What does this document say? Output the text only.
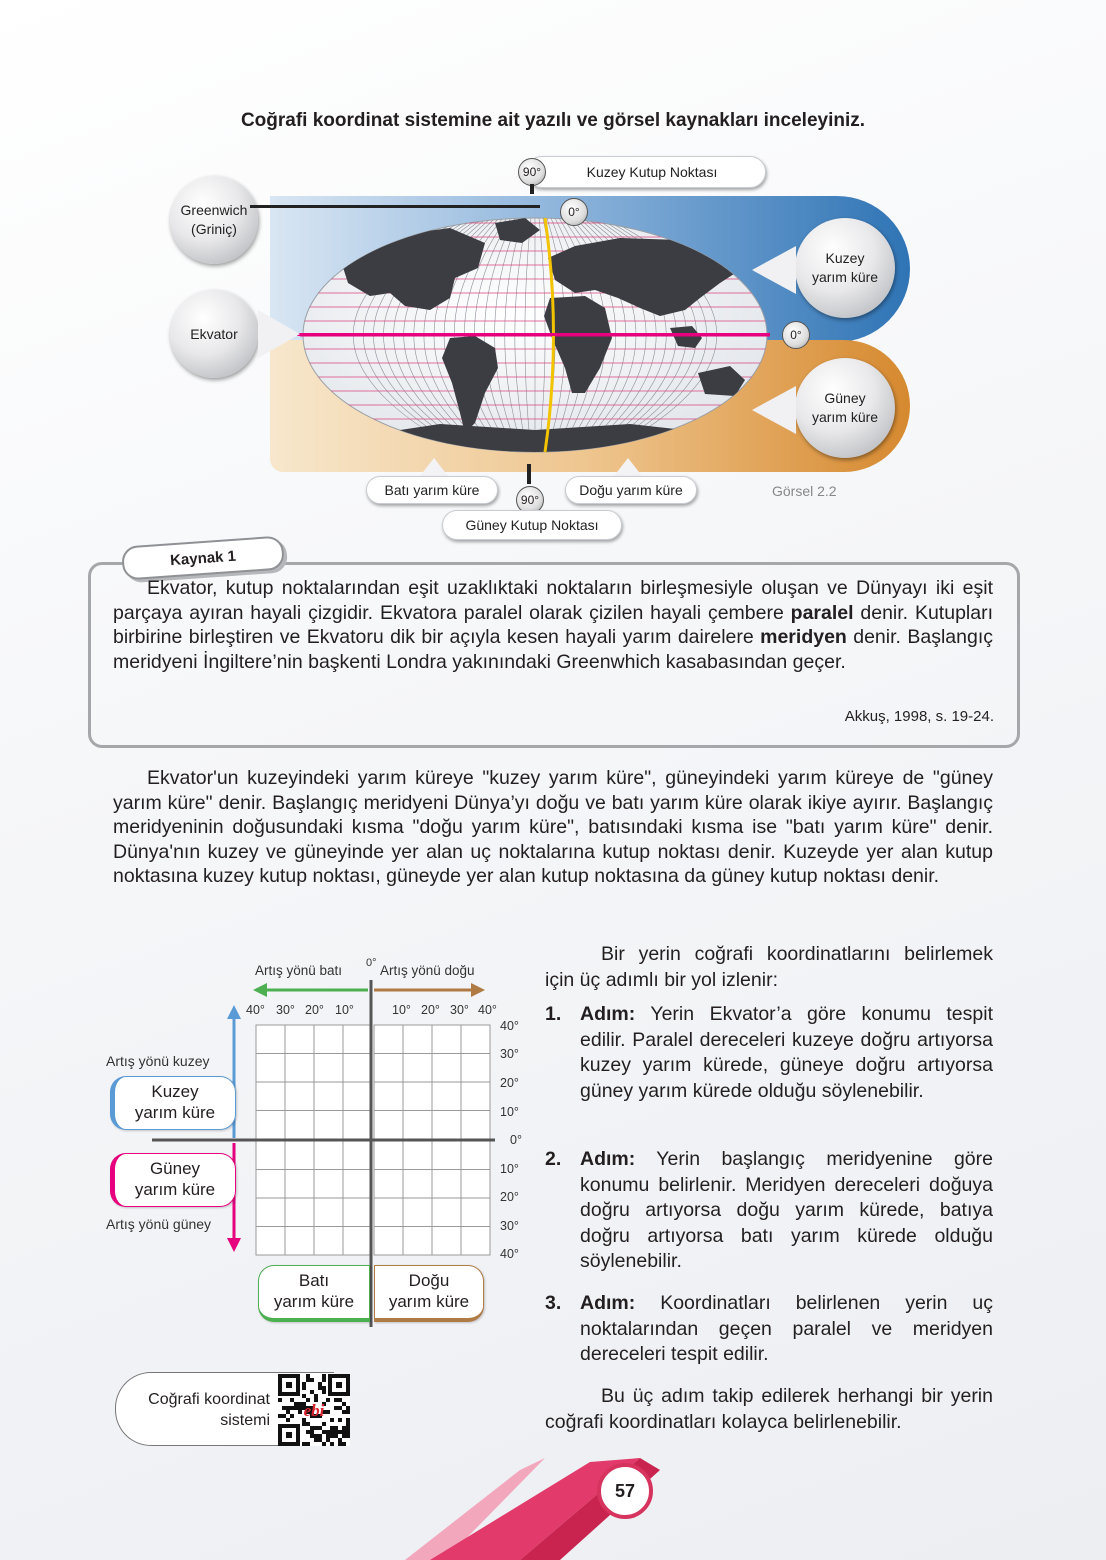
Coğrafi koordinat sistemine ait yazılı ve görsel kaynakları inceleyiniz.
Kuzey Kutup Noktası
90°
Greenwich
(Griniç)
0°
Ekvator	0°
Kuzey
yarım küre
Güney
yarım küre
Batı yarım küre	Doğu yarım küre
90°
Güney Kutup Noktası
Görsel 2.2
Kaynak 1
Ekvator, kutup noktalarından eşit uzaklıktaki noktaların birleşmesiyle oluşan ve Dünyayı iki eşit parçaya ayıran hayali çizgidir. Ekvatora paralel olarak çizilen hayali çembere paralel denir. Kutupları birbirine birleştiren ve Ekvatoru dik bir açıyla kesen hayali yarım dairelere meridyen denir. Başlangıç meridyeni İngiltere’nin başkenti Londra yakınındaki Greenwhich kasabasından geçer.
Akkuş, 1998, s. 19-24.
Ekvator'un kuzeyindeki yarım küreye "kuzey yarım küre", güneyindeki yarım küreye de "güney yarım küre" denir. Başlangıç meridyeni Dünya’yı doğu ve batı yarım küre olarak ikiye ayırır. Başlangıç meridyeninin doğusundaki kısma "doğu yarım küre", batısındaki kısma ise "batı yarım küre" denir. Dünya'nın kuzey ve güneyinde yer alan uç noktalarına kutup noktası denir. Kuzeyde yer alan kutup noktasına kuzey kutup noktası, güneyde yer alan kutup noktasına da güney kutup noktası denir.
Artış yönü batı 0° Artış yönü doğu
40° 30° 20° 10°	10° 20° 30° 40°
40°
30°
20°
10°
0°
10°
20°
30°
40°
Artış yönü kuzey
Kuzey
yarım küre
Güney
yarım küre
Artış yönü güney
Batı
yarım küre
Doğu
yarım küre
Bir yerin coğrafi koordinatlarını belirlemek için üç adımlı bir yol izlenir:
1. Adım: Yerin Ekvator’a göre konumu tespit edilir. Paralel dereceleri kuzeye doğru artıyorsa kuzey yarım kürede, güneye doğru artıyorsa güney yarım kürede olduğu söylenebilir.
2. Adım: Yerin başlangıç meridyenine göre konumu belirlenir. Meridyen dereceleri doğuya doğru artıyorsa doğu yarım kürede, batıya doğru artıyorsa batı yarım kürede olduğu söylenebilir.
3. Adım: Koordinatları belirlenen yerin uç noktalarından geçen paralel ve meridyen dereceleri tespit edilir.
Bu üç adım takip edilerek herhangi bir yerin coğrafi koordinatları kolayca belirlenebilir.
Coğrafi koordinat
sistemi
ebi
57
